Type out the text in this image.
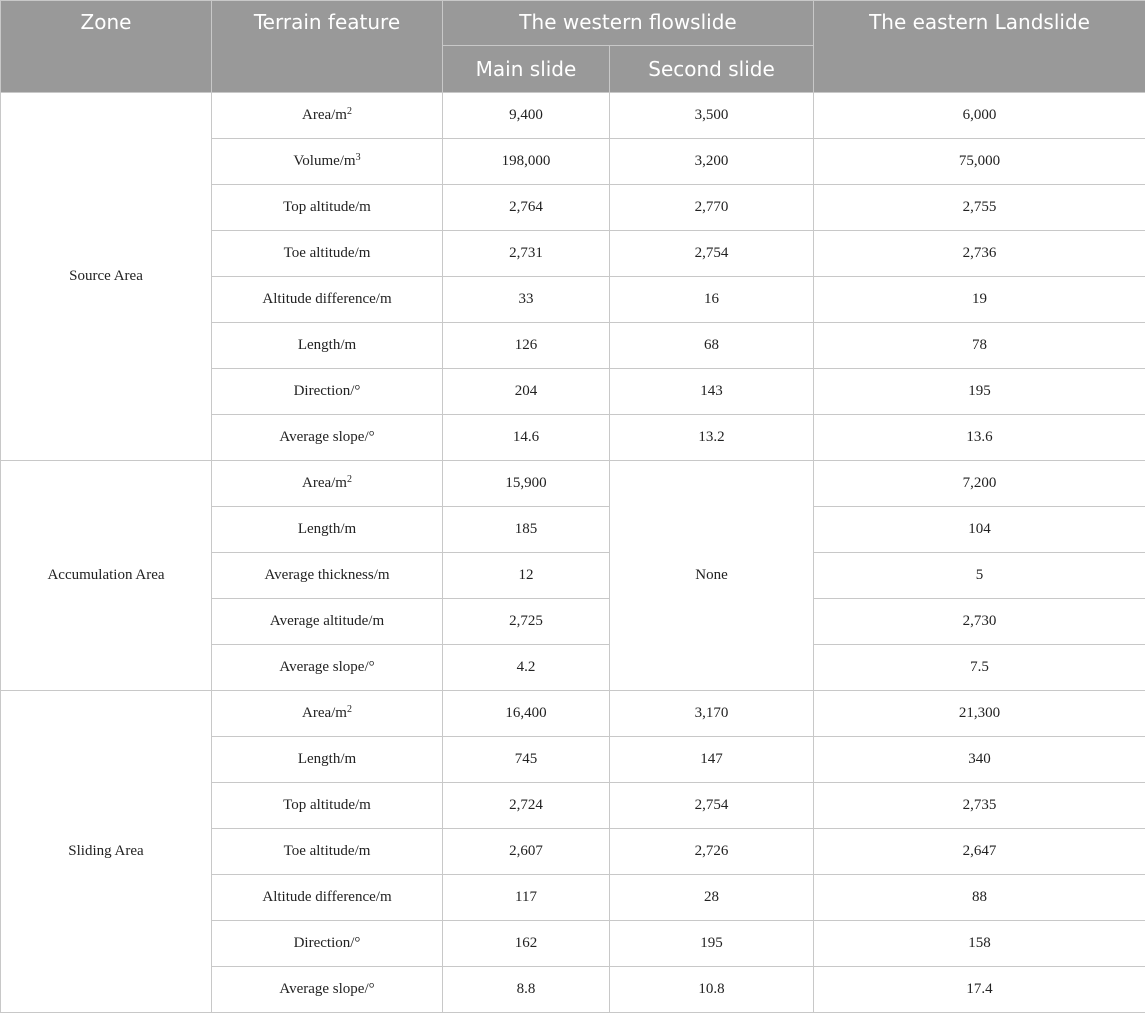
Zone	Terrain feature	The western flowslide		The eastern Landslide
		Main slide	Second slide	
Source Area	Area/$m^2$	9,400	3,500	6,000
	Volume/$m^3$	198,000	3,200	75,000
	Top altitude/m	2,764	2,770	2,755
	Toe altitude/m	2,731	2,754	2,736
	Altitude difference/m	33	16	19
	Length/m	126	68	78
	Direction/°	204	143	195
	Average slope/°	14.6	13.2	13.6
Accumulation Area	Area/$m^2$	15,900	None	7,200
	Length/m	185		104
	Average thickness/m	12		5
	Average altitude/m	2,725		2,730
	Average slope/°	4.2		7.5
Sliding Area	Area/$m^2$	16,400	3,170	21,300
	Length/m	745	147	340
	Top altitude/m	2,724	2,754	2,735
	Toe altitude/m	2,607	2,726	2,647
	Altitude difference/m	117	28	88
	Direction/°	162	195	158
	Average slope/°	8.8	10.8	17.4
